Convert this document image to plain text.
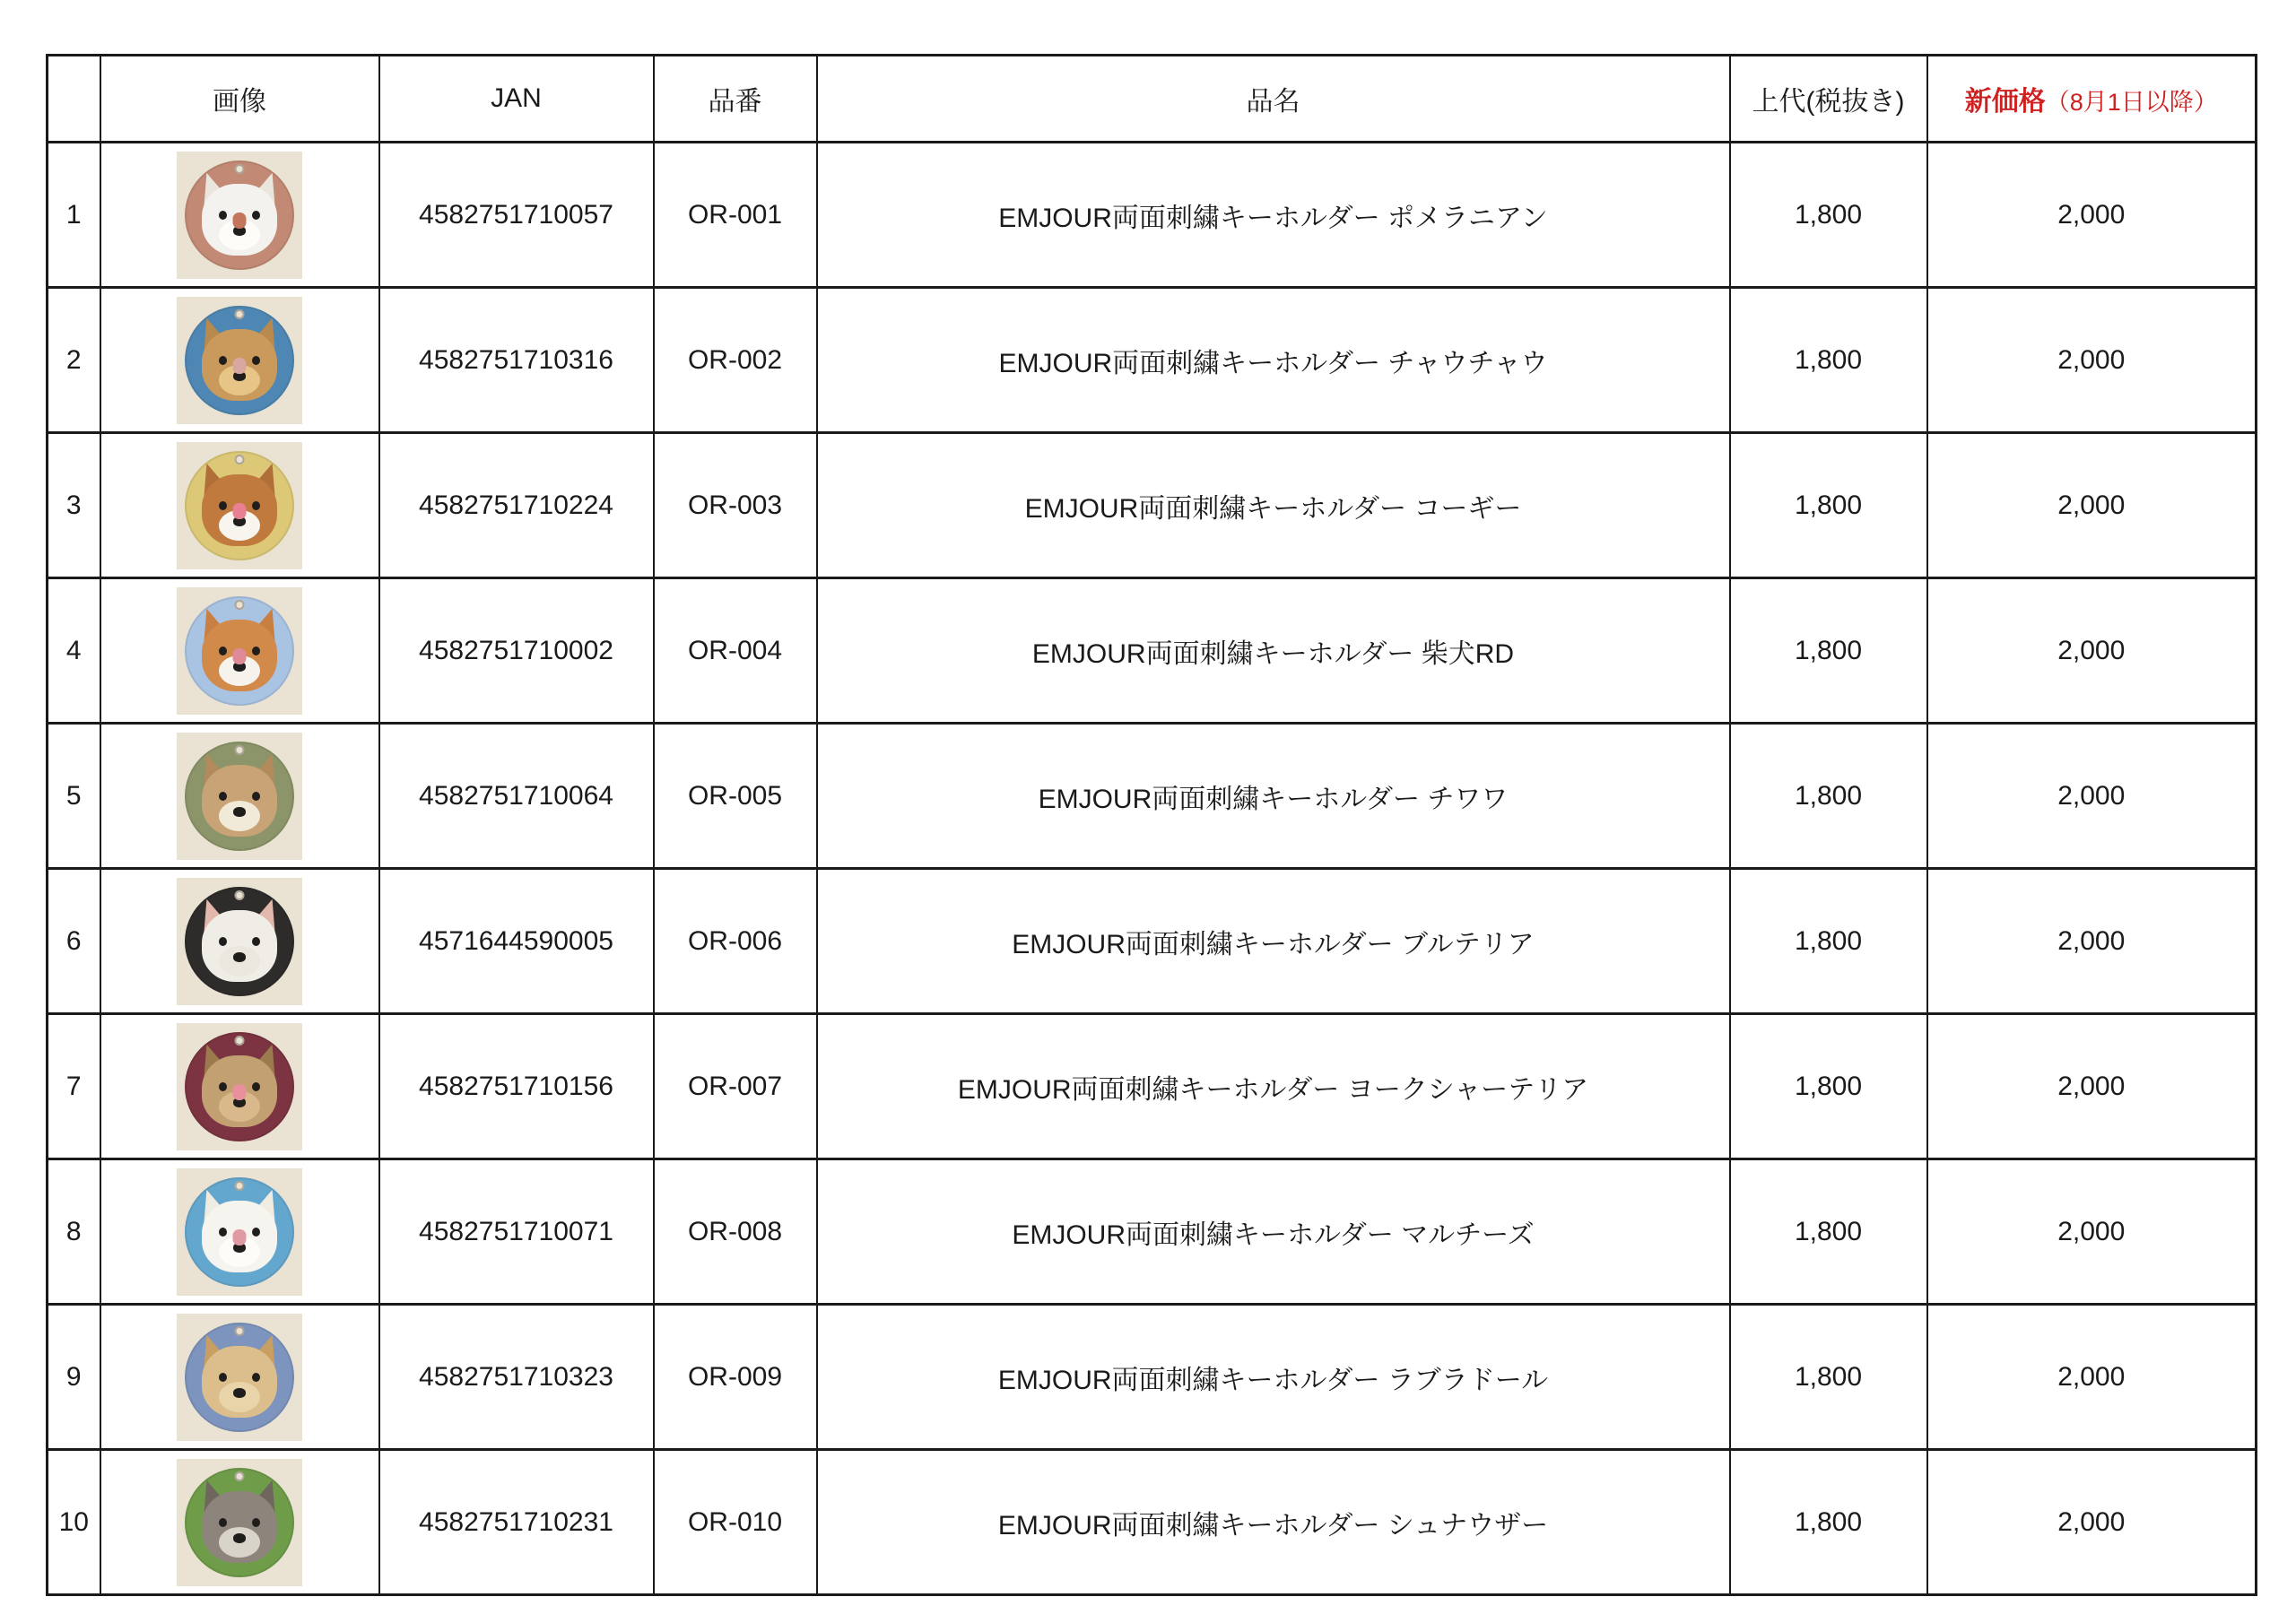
	画像	JAN	品番	品名	上代(税抜き)	新価格（8月1日以降）
1		4582751710057	OR-001	EMJOUR両面刺繍キーホルダー ポメラニアン	1,800	2,000
2		4582751710316	OR-002	EMJOUR両面刺繍キーホルダー チャウチャウ	1,800	2,000
3		4582751710224	OR-003	EMJOUR両面刺繍キーホルダー コーギー	1,800	2,000
4		4582751710002	OR-004	EMJOUR両面刺繍キーホルダー 柴犬RD	1,800	2,000
5		4582751710064	OR-005	EMJOUR両面刺繍キーホルダー チワワ	1,800	2,000
6		4571644590005	OR-006	EMJOUR両面刺繍キーホルダー ブルテリア	1,800	2,000
7		4582751710156	OR-007	EMJOUR両面刺繍キーホルダー ヨークシャーテリア	1,800	2,000
8		4582751710071	OR-008	EMJOUR両面刺繍キーホルダー マルチーズ	1,800	2,000
9		4582751710323	OR-009	EMJOUR両面刺繍キーホルダー ラブラドール	1,800	2,000
10		4582751710231	OR-010	EMJOUR両面刺繍キーホルダー シュナウザー	1,800	2,000
